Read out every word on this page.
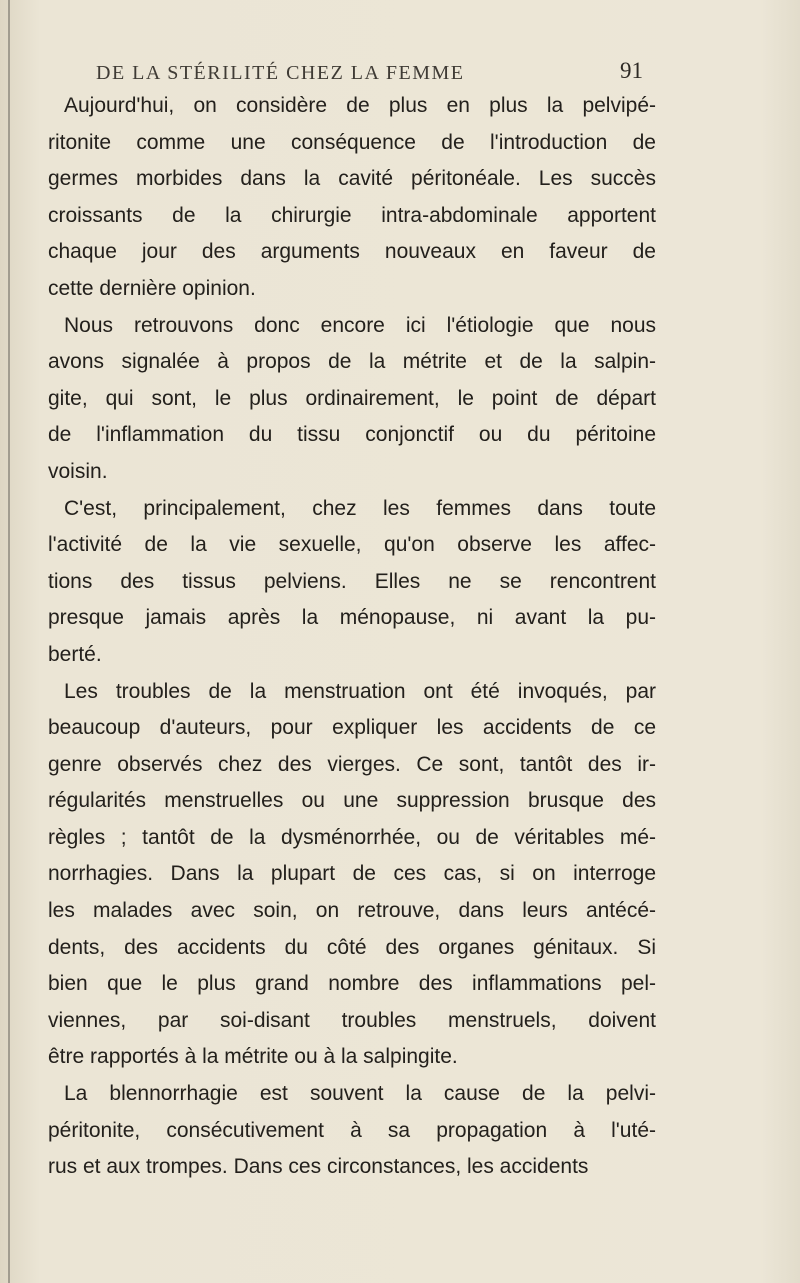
DE LA STÉRILITÉ CHEZ LA FEMME	91
Aujourd'hui, on considère de plus en plus la pelvipé-
ritonite comme une conséquence de l'introduction de
germes morbides dans la cavité péritonéale. Les succès
croissants de la chirurgie intra-abdominale apportent
chaque jour des arguments nouveaux en faveur de
cette dernière opinion.
Nous retrouvons donc encore ici l'étiologie que nous
avons signalée à propos de la métrite et de la salpin-
gite, qui sont, le plus ordinairement, le point de départ
de l'inflammation du tissu conjonctif ou du péritoine
voisin.
C'est, principalement, chez les femmes dans toute
l'activité de la vie sexuelle, qu'on observe les affec-
tions des tissus pelviens. Elles ne se rencontrent
presque jamais après la ménopause, ni avant la pu-
berté.
Les troubles de la menstruation ont été invoqués, par
beaucoup d'auteurs, pour expliquer les accidents de ce
genre observés chez des vierges. Ce sont, tantôt des ir-
régularités menstruelles ou une suppression brusque des
règles ; tantôt de la dysménorrhée, ou de véritables mé-
norrhagies. Dans la plupart de ces cas, si on interroge
les malades avec soin, on retrouve, dans leurs antécé-
dents, des accidents du côté des organes génitaux. Si
bien que le plus grand nombre des inflammations pel-
viennes, par soi-disant troubles menstruels, doivent
être rapportés à la métrite ou à la salpingite.
La blennorrhagie est souvent la cause de la pelvi-
péritonite, consécutivement à sa propagation à l'uté-
rus et aux trompes. Dans ces circonstances, les accidents
